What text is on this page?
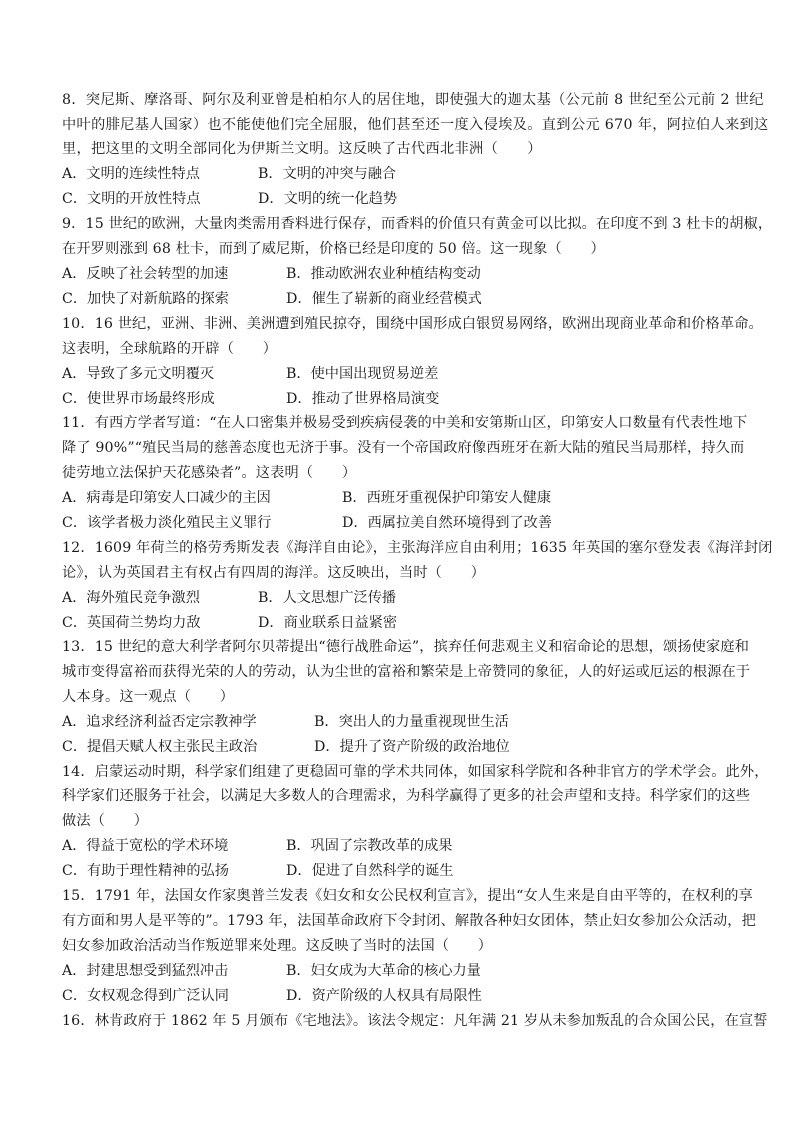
8．突尼斯、摩洛哥、阿尔及利亚曾是柏柏尔人的居住地，即使强大的迦太基（公元前 8 世纪至公元前 2 世纪
中叶的腓尼基人国家）也不能使他们完全屈服，他们甚至还一度入侵埃及。直到公元 670 年，阿拉伯人来到这
里，把这里的文明全部同化为伊斯兰文明。这反映了古代西北非洲（　　）
A．文明的连续性特点	B．文明的冲突与融合
C．文明的开放性特点	D．文明的统一化趋势
9．15 世纪的欧洲，大量肉类需用香料进行保存，而香料的价值只有黄金可以比拟。在印度不到 3 杜卡的胡椒，
在开罗则涨到 68 杜卡，而到了威尼斯，价格已经是印度的 50 倍。这一现象（　　）
A．反映了社会转型的加速	B．推动欧洲农业种植结构变动
C．加快了对新航路的探索	D．催生了崭新的商业经营模式
10．16 世纪，亚洲、非洲、美洲遭到殖民掠夺，围绕中国形成白银贸易网络，欧洲出现商业革命和价格革命。
这表明，全球航路的开辟（　　）
A．导致了多元文明覆灭	B．使中国出现贸易逆差
C．使世界市场最终形成	D．推动了世界格局演变
11．有西方学者写道：“在人口密集并极易受到疾病侵袭的中美和安第斯山区，印第安人口数量有代表性地下
降了 90%”“殖民当局的慈善态度也无济于事。没有一个帝国政府像西班牙在新大陆的殖民当局那样，持久而
徒劳地立法保护天花感染者”。这表明（　　）
A．病毒是印第安人口减少的主因	B．西班牙重视保护印第安人健康
C．该学者极力淡化殖民主义罪行	D．西属拉美自然环境得到了改善
12．1609 年荷兰的格劳秀斯发表《海洋自由论》，主张海洋应自由利用；1635 年英国的塞尔登发表《海洋封闭
论》，认为英国君主有权占有四周的海洋。这反映出，当时（　　）
A．海外殖民竞争激烈	B．人文思想广泛传播
C．英国荷兰势均力敌	D．商业联系日益紧密
13．15 世纪的意大利学者阿尔贝蒂提出“德行战胜命运”，摈弃任何悲观主义和宿命论的思想，颂扬使家庭和
城市变得富裕而获得光荣的人的劳动，认为尘世的富裕和繁荣是上帝赞同的象征，人的好运或厄运的根源在于
人本身。这一观点（　　）
A．追求经济利益否定宗教神学	B．突出人的力量重视现世生活
C．提倡天赋人权主张民主政治	D．提升了资产阶级的政治地位
14．启蒙运动时期，科学家们组建了更稳固可靠的学术共同体，如国家科学院和各种非官方的学术学会。此外，
科学家们还服务于社会，以满足大多数人的合理需求，为科学赢得了更多的社会声望和支持。科学家们的这些
做法（　　）
A．得益于宽松的学术环境	B．巩固了宗教改革的成果
C．有助于理性精神的弘扬	D．促进了自然科学的诞生
15．1791 年，法国女作家奥普兰发表《妇女和女公民权利宣言》，提出“女人生来是自由平等的，在权利的享
有方面和男人是平等的”。1793 年，法国革命政府下令封闭、解散各种妇女团体，禁止妇女参加公众活动，把
妇女参加政治活动当作叛逆罪来处理。这反映了当时的法国（　　）
A．封建思想受到猛烈冲击	B．妇女成为大革命的核心力量
C．女权观念得到广泛认同	D．资产阶级的人权具有局限性
16．林肯政府于 1862 年 5 月颁布《宅地法》。该法令规定：凡年满 21 岁从未参加叛乱的合众国公民，在宣誓
